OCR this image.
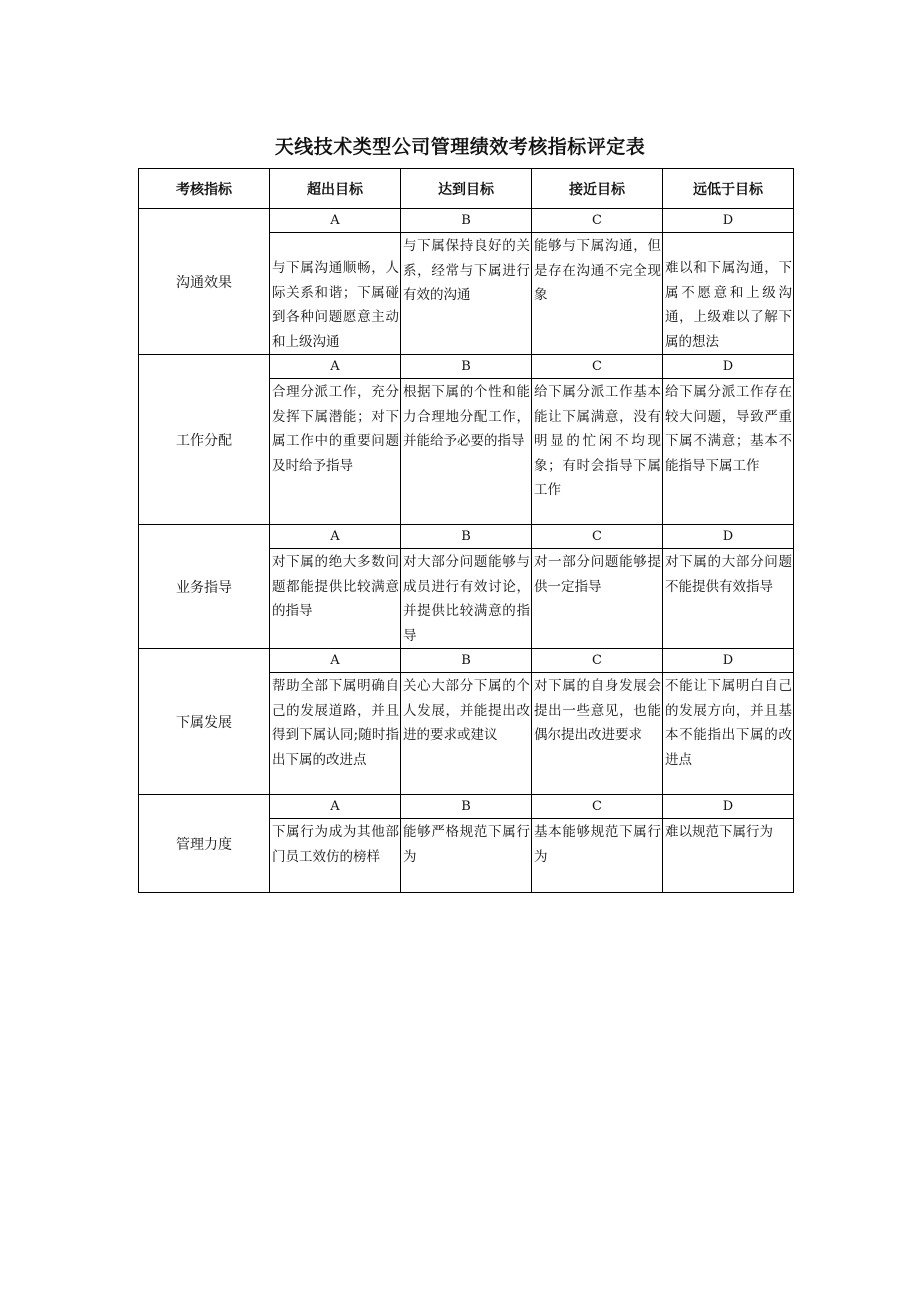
天线技术类型公司管理绩效考核指标评定表
考核指标	超出目标	达到目标	接近目标	远低于目标
沟通效果	A	B	C	D
	与下属沟通顺畅，人际关系和谐；下属碰到各种问题愿意主动和上级沟通	与下属保持良好的关系，经常与下属进行有效的沟通	能够与下属沟通，但是存在沟通不完全现象	难以和下属沟通，下属不愿意和上级沟通，上级难以了解下属的想法
工作分配	A	B	C	D
	合理分派工作，充分发挥下属潜能；对下属工作中的重要问题及时给予指导	根据下属的个性和能力合理地分配工作，并能给予必要的指导	给下属分派工作基本能让下属满意，没有明显的忙闲不均现象；有时会指导下属工作	给下属分派工作存在较大问题，导致严重下属不满意；基本不能指导下属工作
业务指导	A	B	C	D
	对下属的绝大多数问题都能提供比较满意的指导	对大部分问题能够与成员进行有效讨论，并提供比较满意的指导	对一部分问题能够提供一定指导	对下属的大部分问题不能提供有效指导
下属发展	A	B	C	D
	帮助全部下属明确自己的发展道路，并且得到下属认同;随时指出下属的改进点	关心大部分下属的个人发展，并能提出改进的要求或建议	对下属的自身发展会提出一些意见，也能偶尔提出改进要求	不能让下属明白自己的发展方向，并且基本不能指出下属的改进点
管理力度	A	B	C	D
	下属行为成为其他部门员工效仿的榜样	能够严格规范下属行为	基本能够规范下属行为	难以规范下属行为
